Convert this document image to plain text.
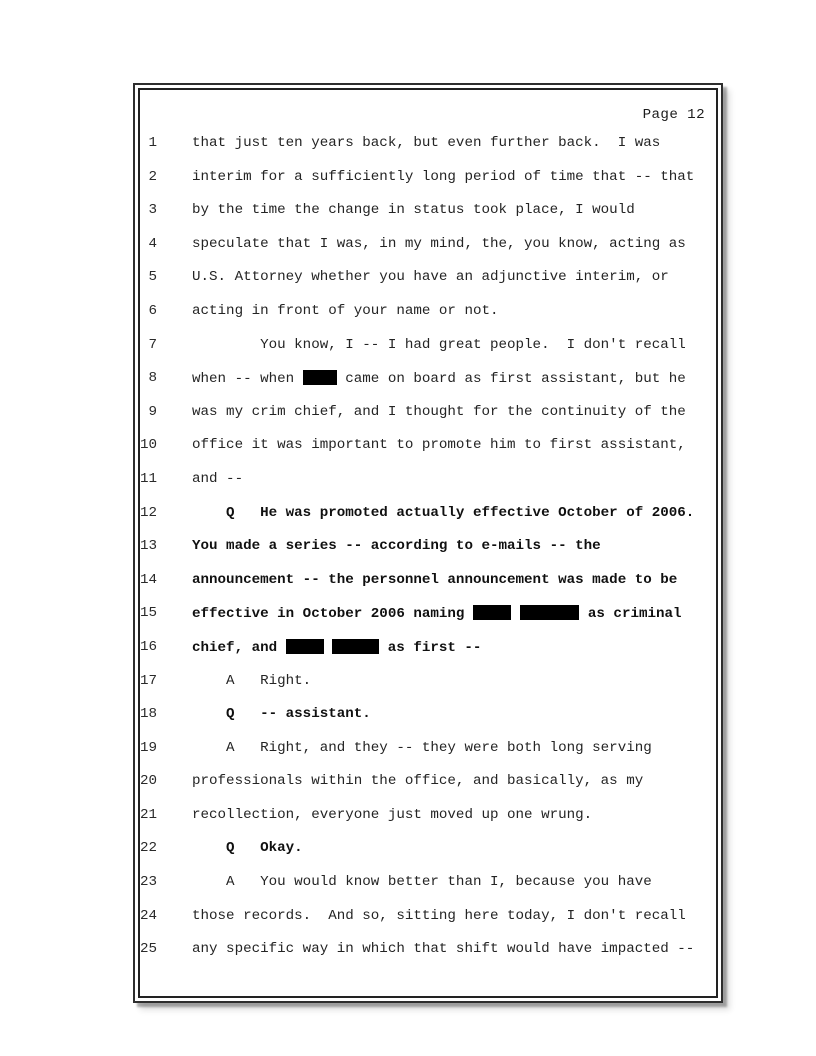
Page 12
1 that just ten years back, but even further back.  I was
2 interim for a sufficiently long period of time that -- that
3 by the time the change in status took place, I would
4 speculate that I was, in my mind, the, you know, acting as
5 U.S. Attorney whether you have an adjunctive interim, or
6 acting in front of your name or not.
7 You know, I -- I had great people.  I don't recall
8 when -- when  came on board as first assistant, but he
9 was my crim chief, and I thought for the continuity of the
10 office it was important to promote him to first assistant,
11 and --
12 Q   He was promoted actually effective October of 2006.
13 You made a series -- according to e-mails -- the
14 announcement -- the personnel announcement was made to be
15 effective in October 2006 naming	as criminal
16 chief, and	as first --
17 A   Right.
18 Q   -- assistant.
19 A   Right, and they -- they were both long serving
20 professionals within the office, and basically, as my
21 recollection, everyone just moved up one wrung.
22 Q   Okay.
23 A   You would know better than I, because you have
24 those records.  And so, sitting here today, I don't recall
25 any specific way in which that shift would have impacted --
